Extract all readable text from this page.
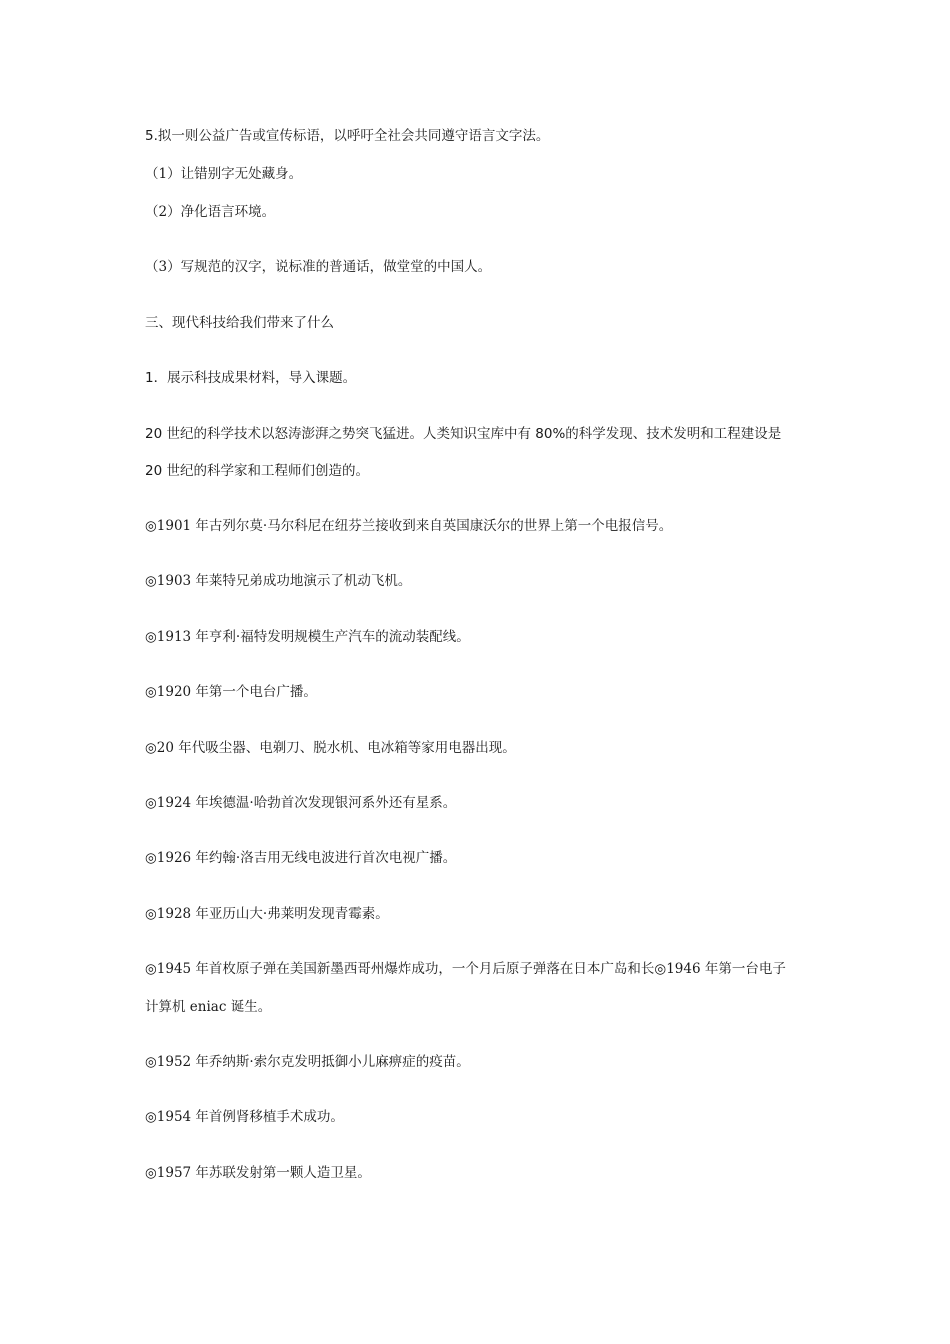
5.拟一则公益广告或宣传标语，以呼吁全社会共同遵守语言文字法。
（1）让错别字无处藏身。
（2）净化语言环境。
（3）写规范的汉字，说标准的普通话，做堂堂的中国人。
三、现代科技给我们带来了什么
1．展示科技成果材料，导入课题。
20 世纪的科学技术以怒涛澎湃之势突飞猛进。人类知识宝库中有 80%的科学发现、技术发明和工程建设是
20 世纪的科学家和工程师们创造的。
◎1901 年古列尔莫·马尔科尼在纽芬兰接收到来自英国康沃尔的世界上第一个电报信号。
◎1903 年莱特兄弟成功地演示了机动飞机。
◎1913 年亨利·福特发明规模生产汽车的流动装配线。
◎1920 年第一个电台广播。
◎20 年代吸尘器、电剃刀、脱水机、电冰箱等家用电器出现。
◎1924 年埃德温·哈勃首次发现银河系外还有星系。
◎1926 年约翰·洛吉用无线电波进行首次电视广播。
◎1928 年亚历山大·弗莱明发现青霉素。
◎1945 年首枚原子弹在美国新墨西哥州爆炸成功，一个月后原子弹落在日本广岛和长◎1946 年第一台电子
计算机 eniac 诞生。
◎1952 年乔纳斯·索尔克发明抵御小儿麻痹症的疫苗。
◎1954 年首例肾移植手术成功。
◎1957 年苏联发射第一颗人造卫星。
